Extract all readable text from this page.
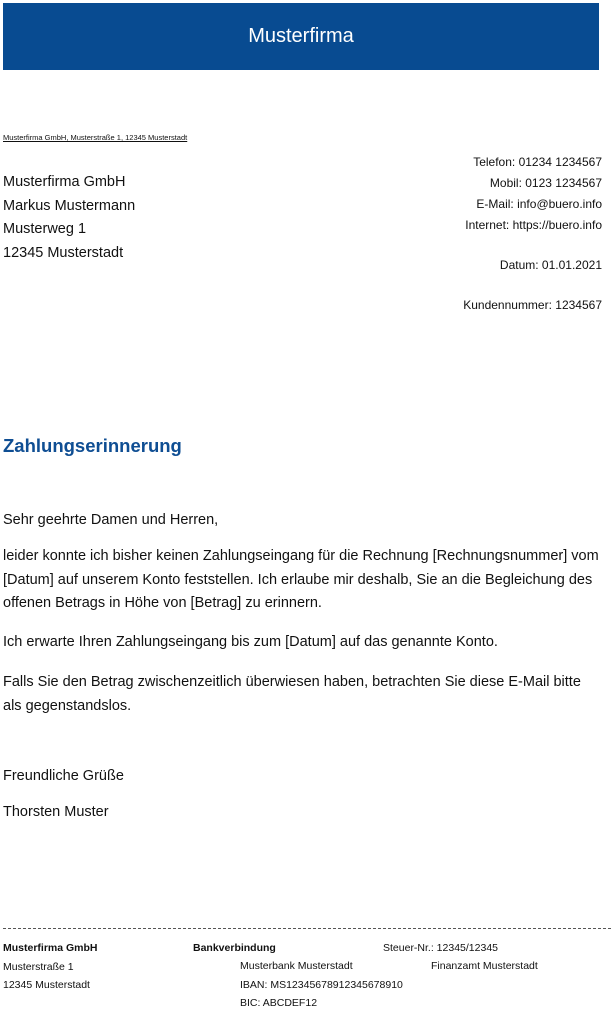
Musterfirma
Musterfirma GmbH, Musterstraße 1, 12345 Musterstadt
Musterfirma GmbH
Markus Mustermann
Musterweg 1
12345 Musterstadt
Telefon: 01234 1234567
Mobil: 0123 1234567
E-Mail: info@buero.info
Internet: https://buero.info
Datum: 01.01.2021
Kundennummer: 1234567
Zahlungserinnerung
Sehr geehrte Damen und Herren,
leider konnte ich bisher keinen Zahlungseingang für die Rechnung [Rechnungsnummer] vom [Datum] auf unserem Konto feststellen. Ich erlaube mir deshalb, Sie an die Begleichung des offenen Betrags in Höhe von [Betrag] zu erinnern.
Ich erwarte Ihren Zahlungseingang bis zum [Datum] auf das genannte Konto.
Falls Sie den Betrag zwischenzeitlich überwiesen haben, betrachten Sie diese E-Mail bitte als gegenstandslos.
Freundliche Grüße
Thorsten Muster
Musterfirma GmbH
Musterstraße 1
12345 Musterstadt
Bankverbindung
Musterbank Musterstadt
IBAN: MS12345678912345678910
BIC: ABCDEF12
Steuer-Nr.: 12345/12345
Finanzamt Musterstadt
